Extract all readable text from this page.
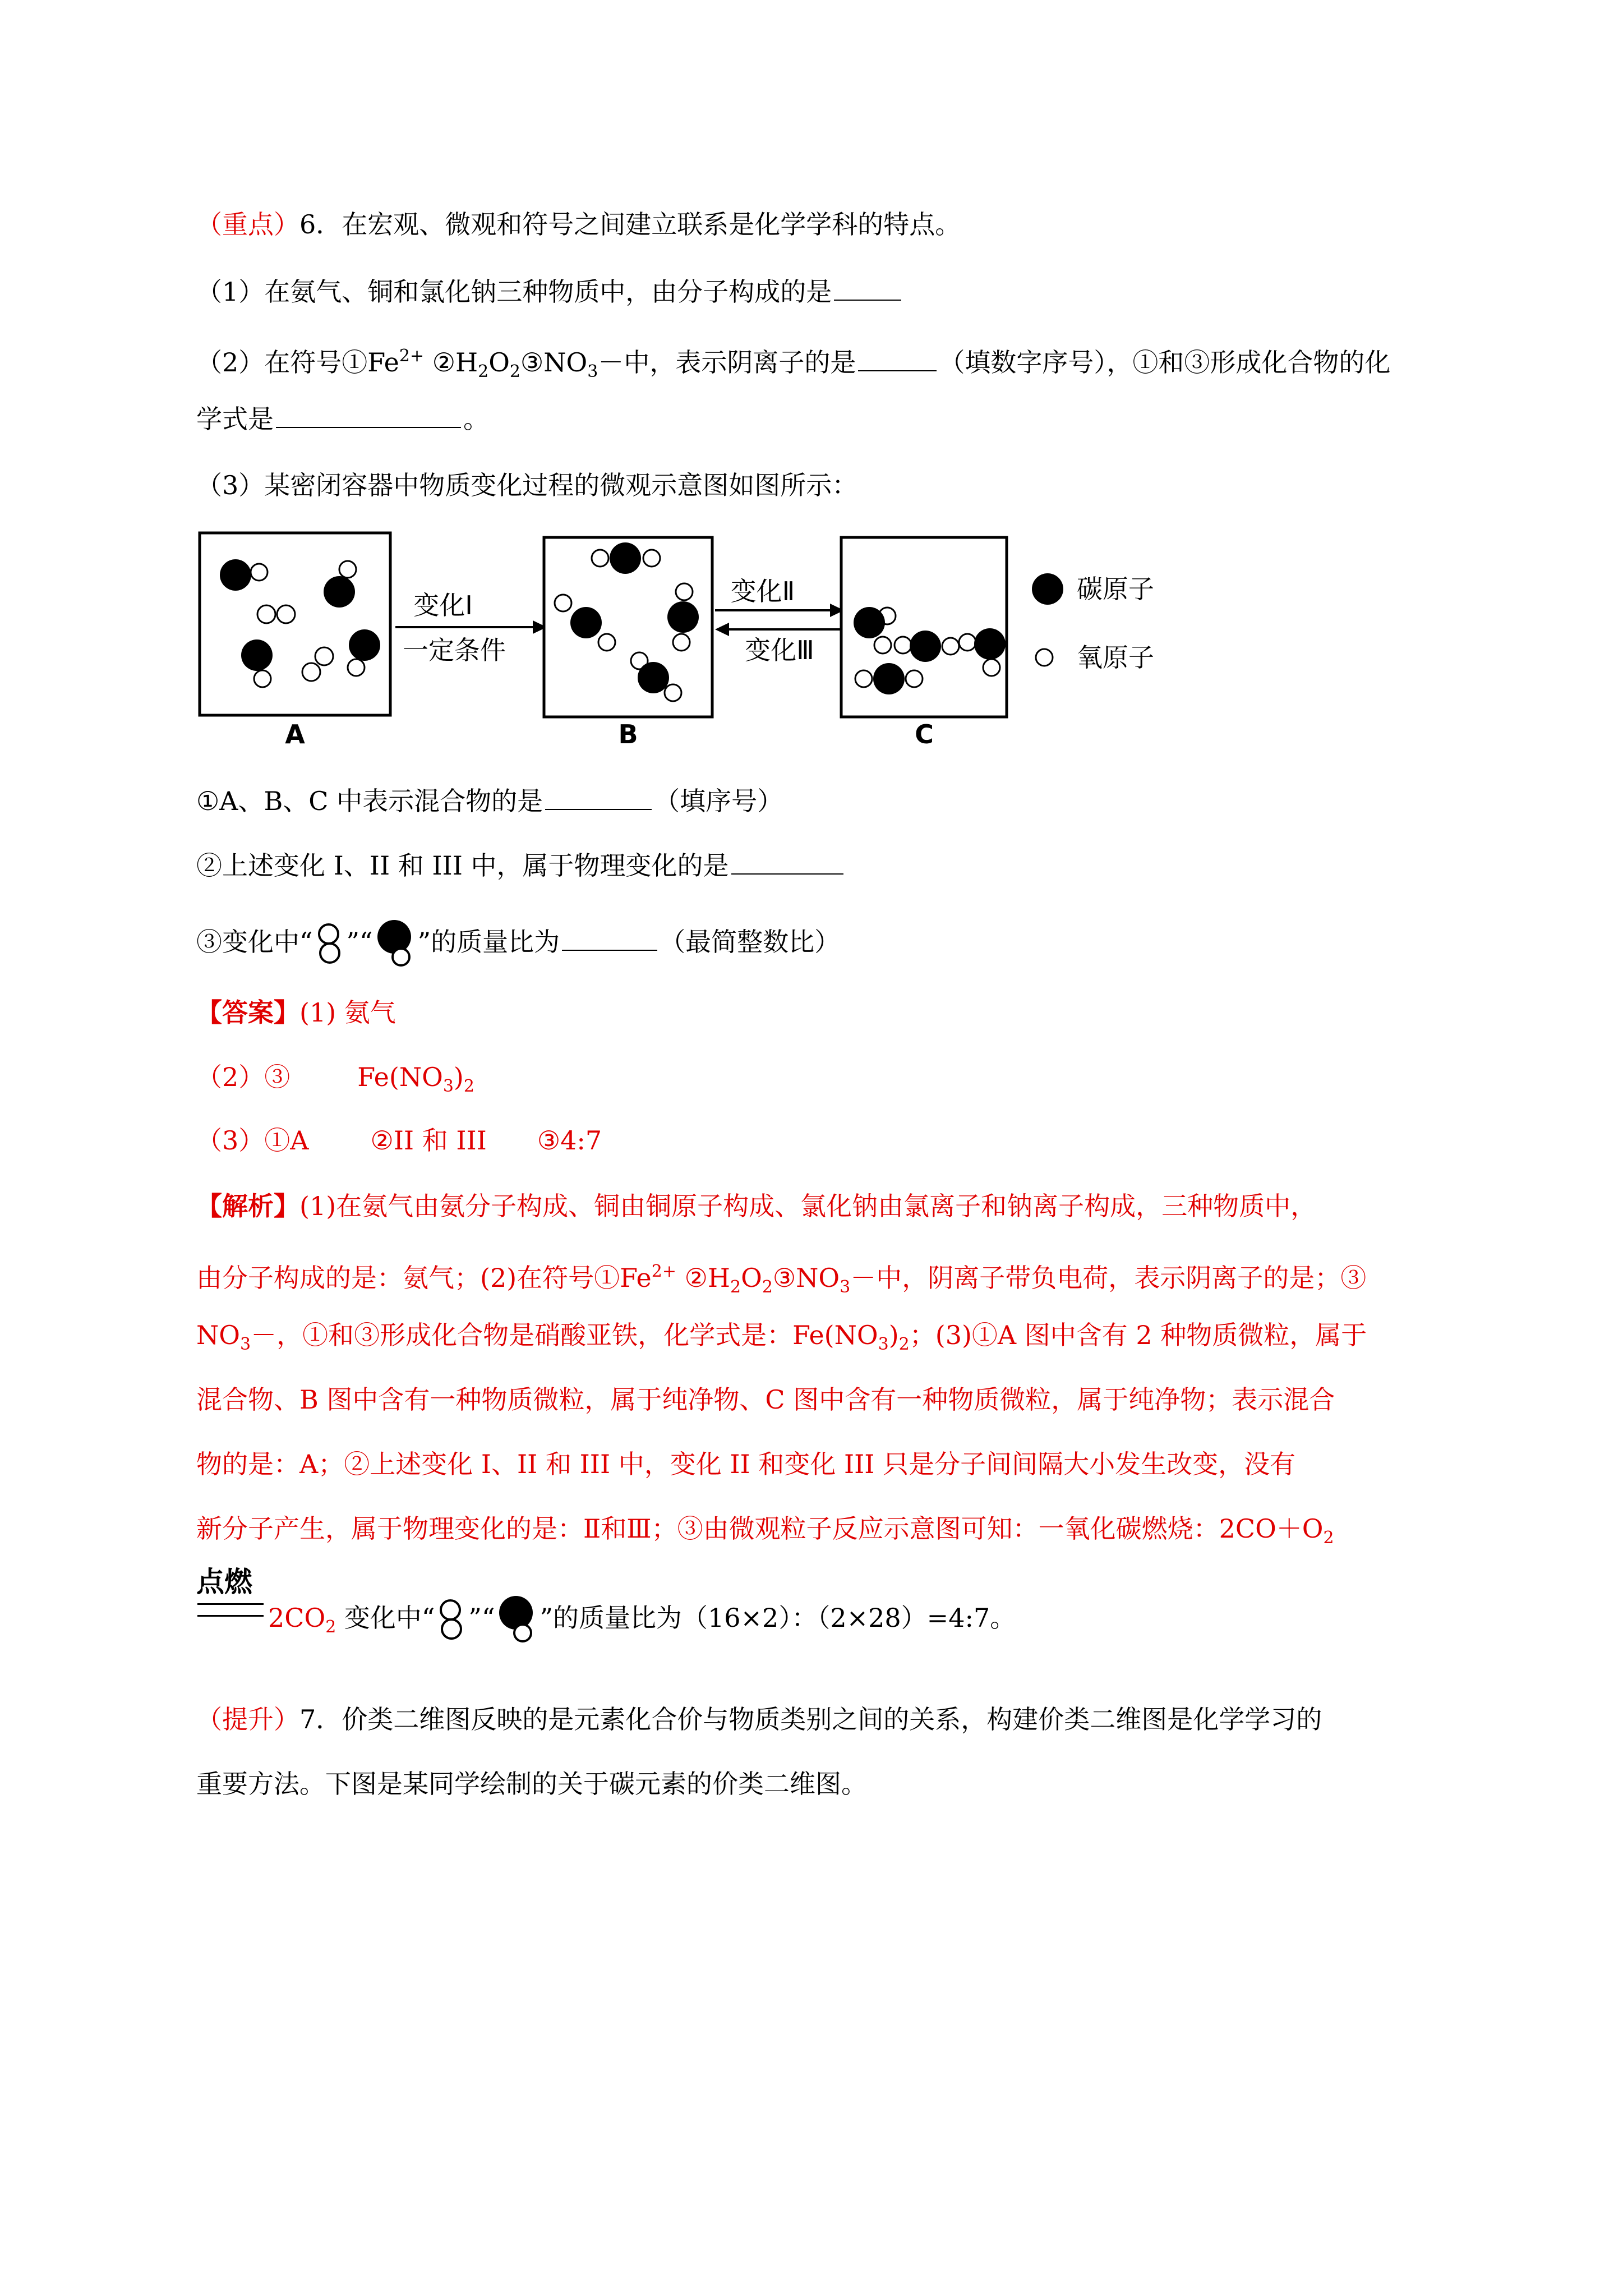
（重点）6．在宏观、微观和符号之间建立联系是化学学科的特点。
（1）在氨气、铜和氯化钠三种物质中，由分子构成的是
（2）在符号$①Fe^{2+}$ $②H_2O_2③NO_3-$中，表示阴离子的是	（填数字序号），①和③形成化合物的化
学式是	。
（3）某密闭容器中物质变化过程的微观示意图如图所示：
A
变化Ⅰ
一定条件
B
变化Ⅱ
变化Ⅲ
C
碳原子
氧原子
①A、B、C 中表示混合物的是	（填序号）
②上述变化 I、II 和 III 中，属于物理变化的是
③变化中“ ”“ ”的质量比为	（最简整数比）
【答案】(1) 氨气
（2）③	$Fe(NO_3)_2$
（3）①A ②II 和 III ③4:7
【解析】(1)在氨气由氨分子构成、铜由铜原子构成、氯化钠由氯离子和钠离子构成，三种物质中，
由分子构成的是：氨气；(2)在符号$①Fe^{2+}$ $②H_2O_2③NO_3-$中，阴离子带负电荷，表示阴离子的是；③
$NO_3-$，①和③形成化合物是硝酸亚铁，化学式是：$Fe(NO_3)_2$；(3)①A 图中含有 2 种物质微粒，属于
混合物、B 图中含有一种物质微粒，属于纯净物、C 图中含有一种物质微粒，属于纯净物；表示混合
物的是：A；②上述变化 I、II 和 III 中，变化 II 和变化 III 只是分子间间隔大小发生改变，没有
新分子产生，属于物理变化的是：Ⅱ和Ⅲ；③由微观粒子反应示意图可知：一氧化碳燃烧：$2CO+O_2$
点燃
$2CO_2$ 变化中“ ”“ ”的质量比为（16×2）：（2×28）=4:7。
（提升）7．价类二维图反映的是元素化合价与物质类别之间的关系，构建价类二维图是化学学习的
重要方法。下图是某同学绘制的关于碳元素的价类二维图。
